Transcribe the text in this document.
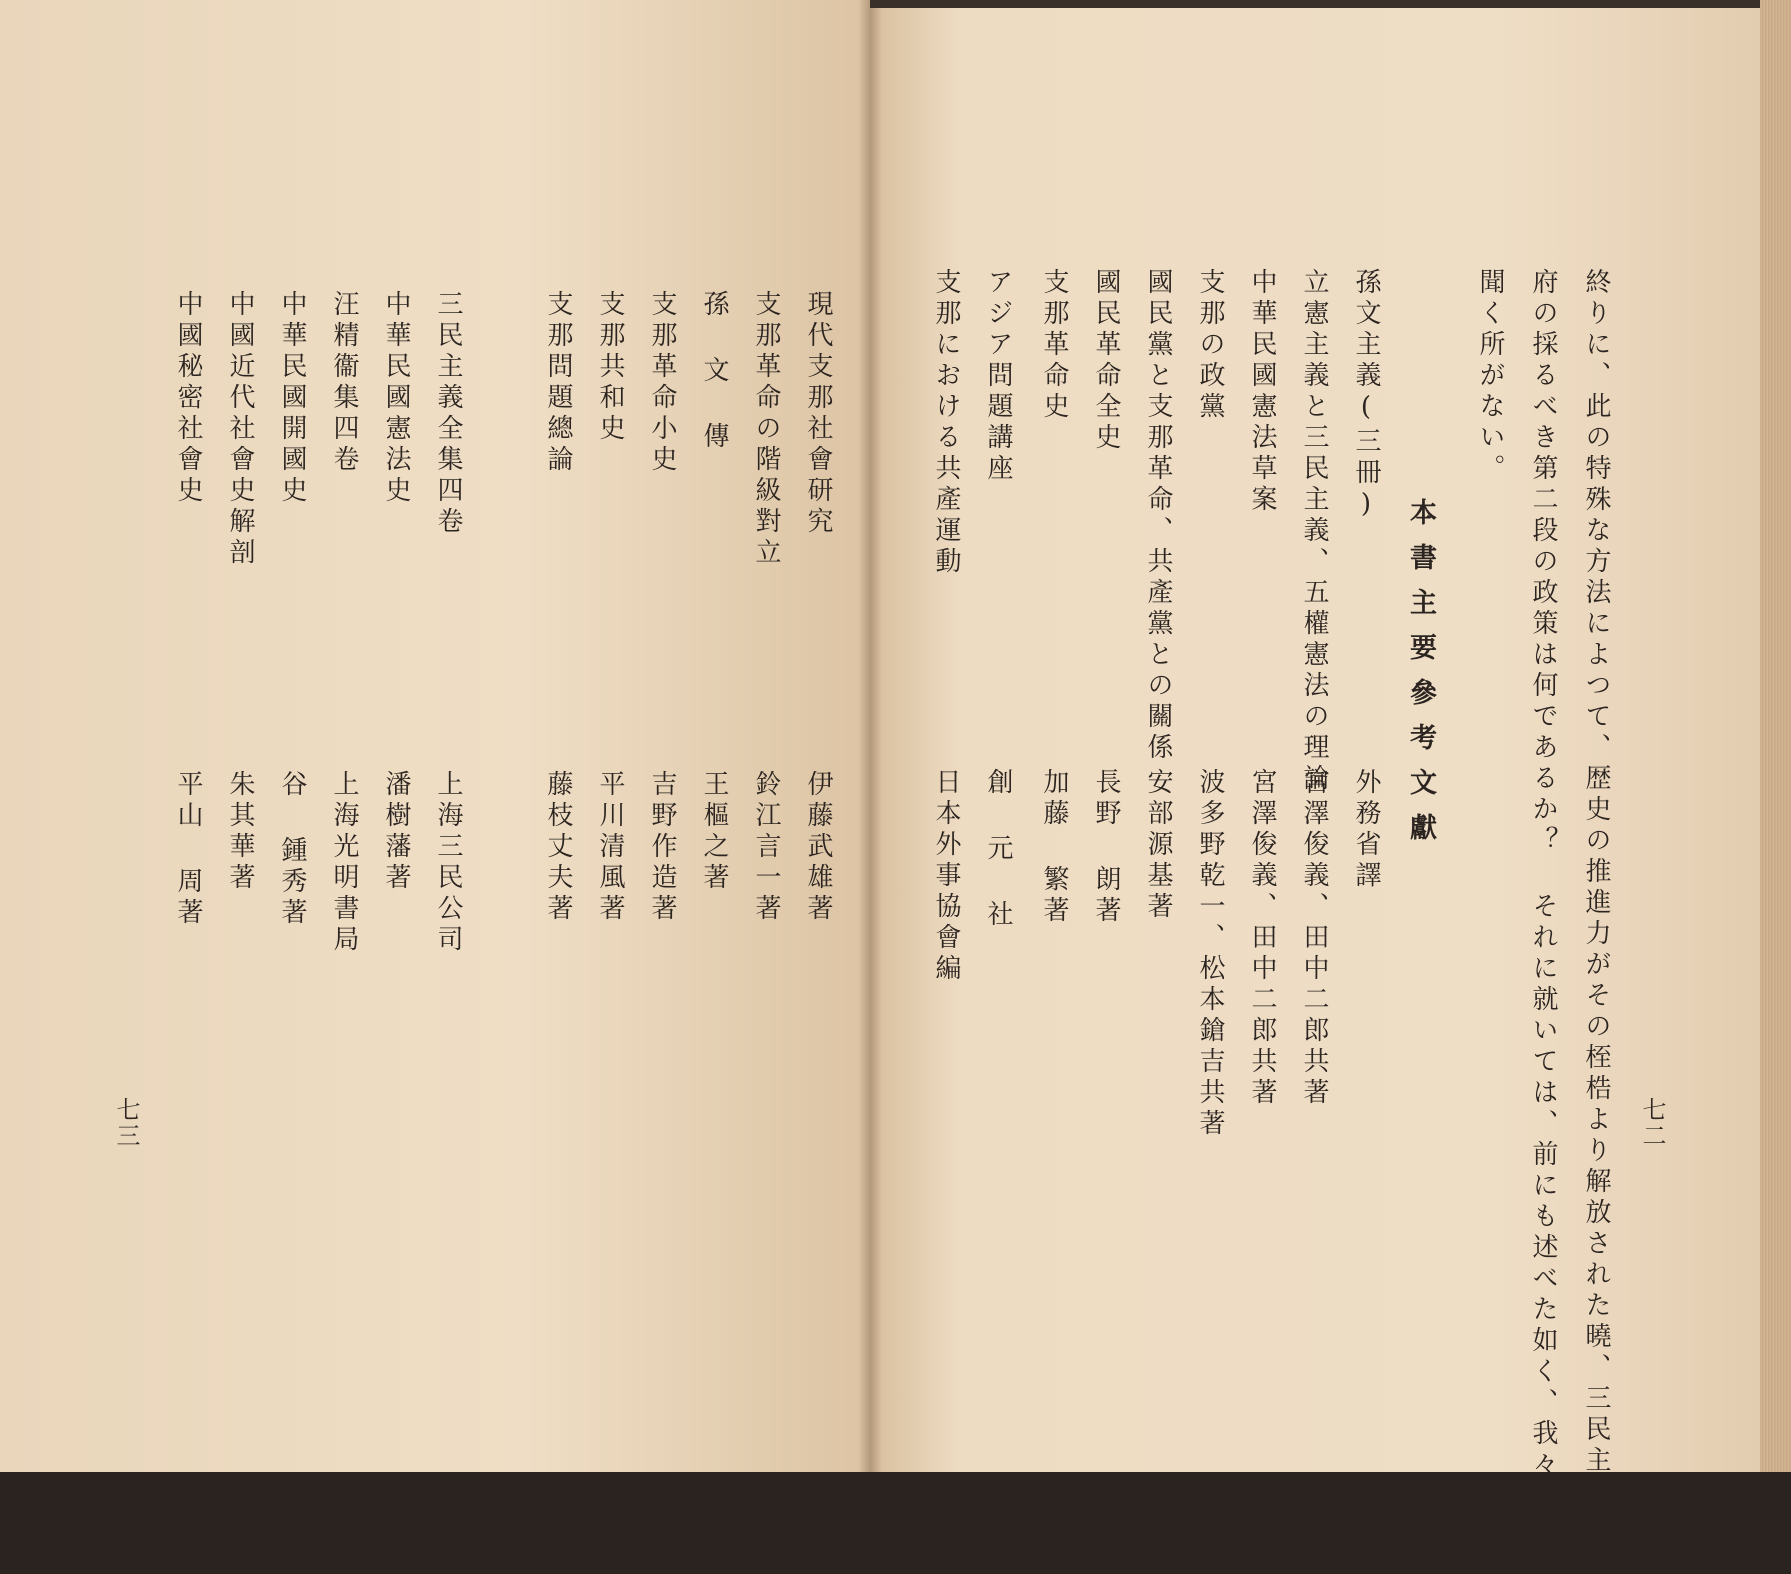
七二
終りに、此の特殊な方法によつて、歴史の推進力がその桎梏より解放された曉、三民主義政
府の採るべき第二段の政策は何であるか？ それに就いては、前にも述べた如く、我々は餘り
聞く所がない。
本書主要參考文獻
孫文主義(三冊)
外務省譯
立憲主義と三民主義、五權憲法の理論
宮澤俊義、田中二郎共著
中華民國憲法草案
宮澤俊義、田中二郎共著
支那の政黨
波多野乾一、松本鎗吉共著
國民黨と支那革命、共產黨との關係
安部源基著
國民革命全史
長野 朗著
支那革命史
加藤 繁著
アジア問題講座
創 元 社
支那における共產運動
日本外事協會編
七三
現代支那社會研究
伊藤武雄著
支那革命の階級對立
鈴江言一著
孫 文 傳
王樞之著
支那革命小史
吉野作造著
支那共和史
平川清風著
支那問題總論
藤枝丈夫著
三民主義全集四卷
上海三民公司
中華民國憲法史
潘樹藩著
汪精衞集四卷
上海光明書局
中華民國開國史
谷 鍾秀著
中國近代社會史解剖
朱其華著
中國秘密社會史
平山 周著
